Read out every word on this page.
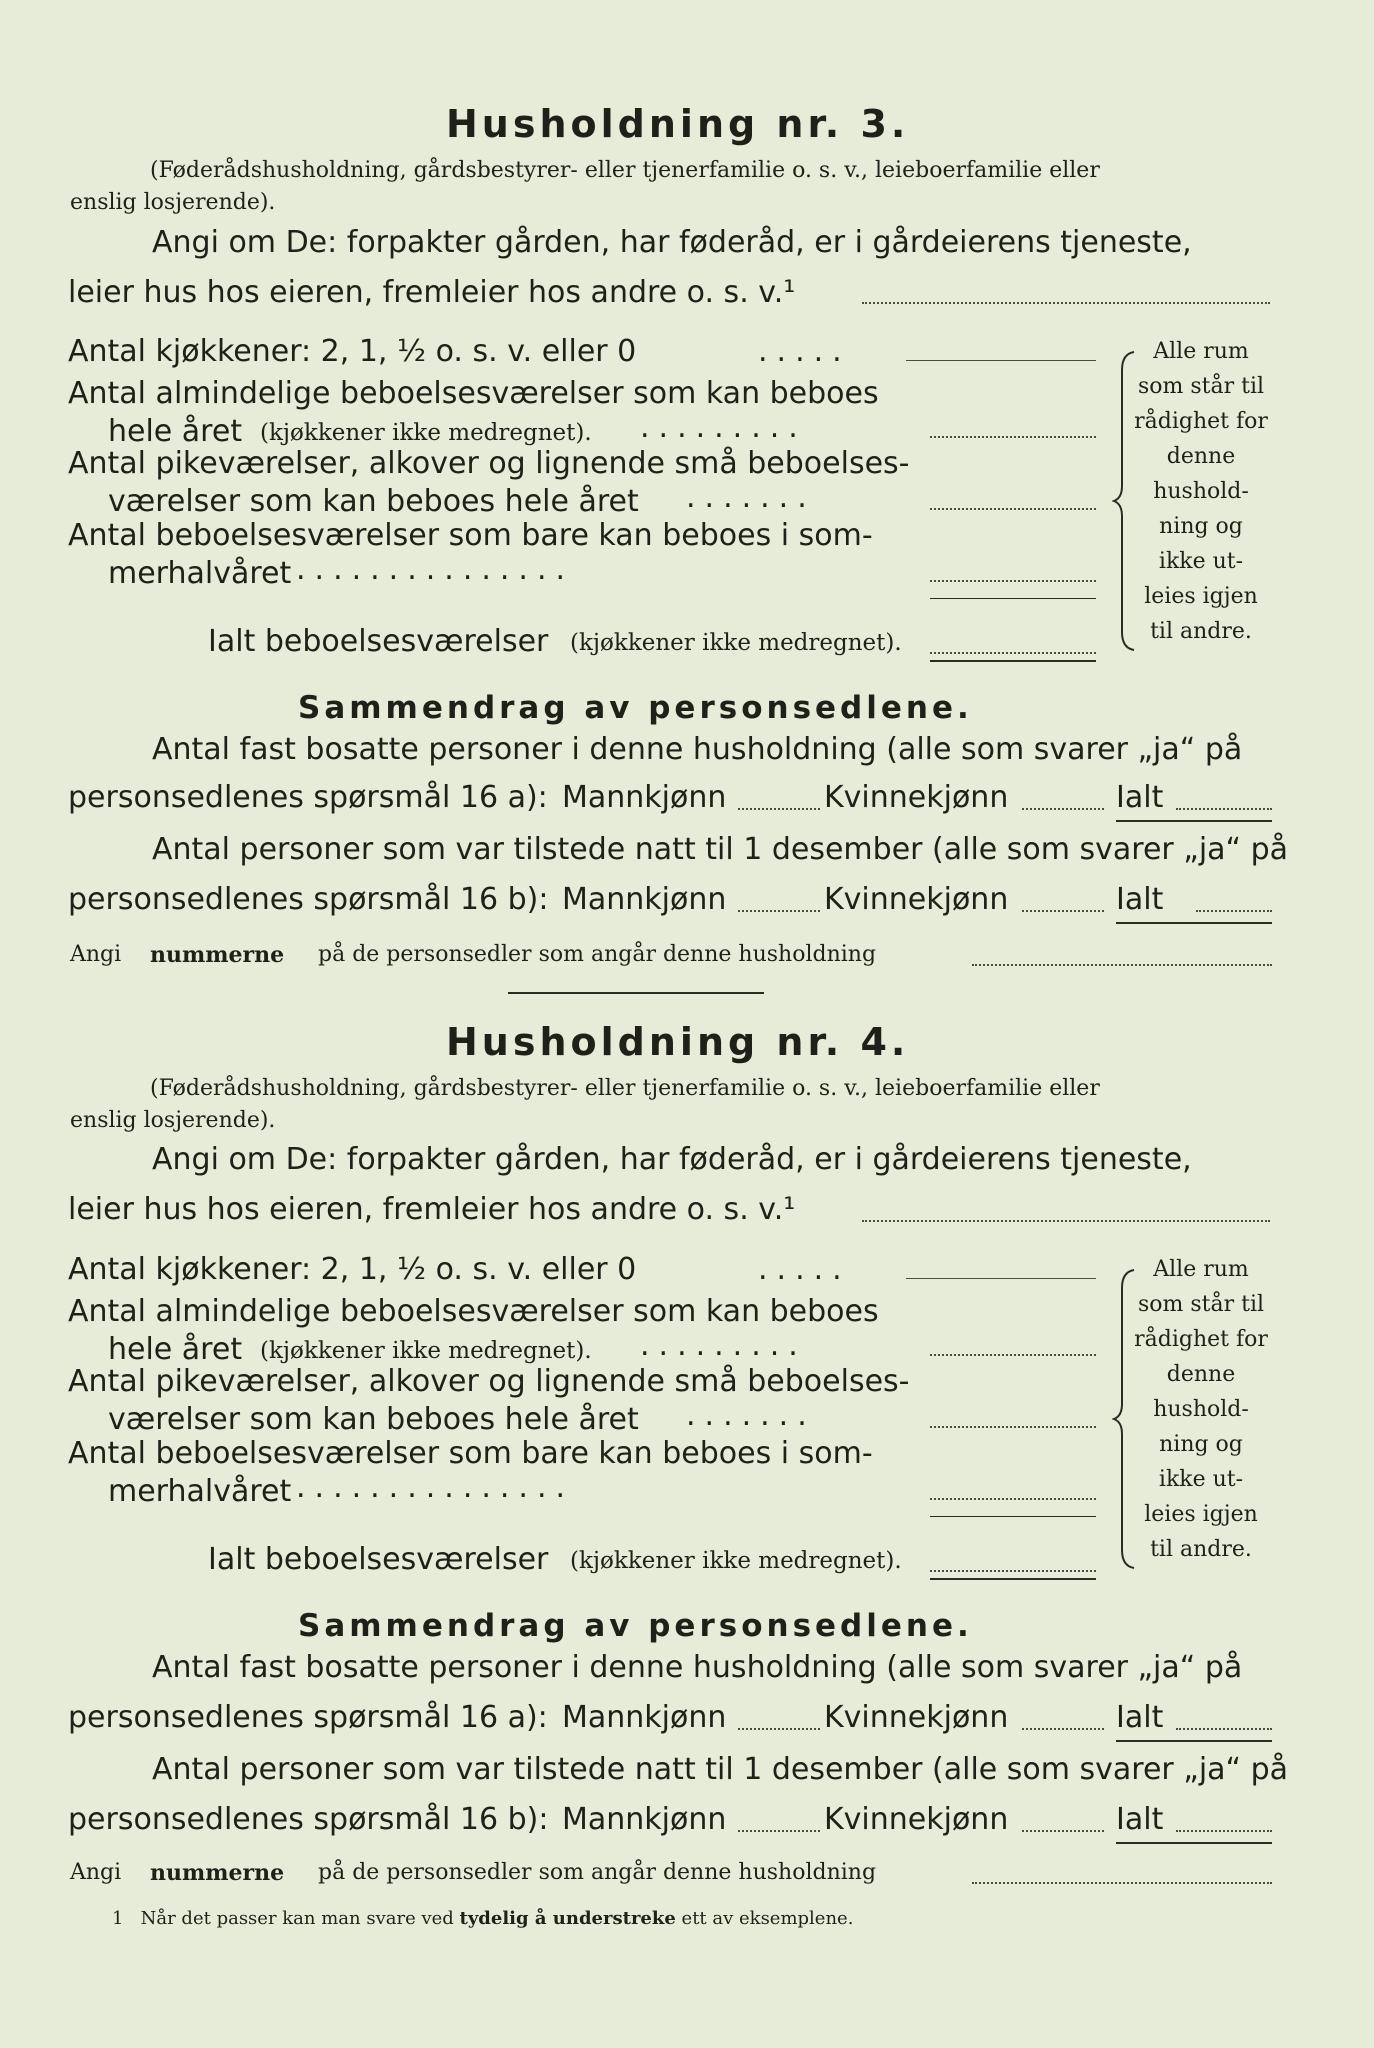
Husholdning nr. 3.
(Føderådshusholdning, gårdsbestyrer- eller tjenerfamilie o. s. v., leieboerfamilie eller
enslig losjerende).
Angi om De: forpakter gården, har føderåd, er i gårdeierens tjeneste,
leier hus hos eieren, fremleier hos andre o. s. v.¹
Antal kjøkkener: 2, 1, ½ o. s. v. eller 0	.....
Antal almindelige beboelsesværelser som kan beboes
hele året (kjøkkener ikke medregnet). .........
Antal pikeværelser, alkover og lignende små beboelses-
værelser som kan beboes hele året .......
Antal beboelsesværelser som bare kan beboes i som-
merhalvåret ...............
Ialt beboelsesværelser (kjøkkener ikke medregnet).
Alle rum som står til rådighet for denne hushold- ning og ikke ut- leies igjen til andre.
Sammendrag av personsedlene.
Antal fast bosatte personer i denne husholdning (alle som svarer „ja“ på
personsedlenes spørsmål 16 a): Mannkjønn	Kvinnekjønn	Ialt
Antal personer som var tilstede natt til 1 desember (alle som svarer „ja“ på
personsedlenes spørsmål 16 b): Mannkjønn	Kvinnekjønn	Ialt
Angi nummerne på de personsedler som angår denne husholdning
Husholdning nr. 4.
(Føderådshusholdning, gårdsbestyrer- eller tjenerfamilie o. s. v., leieboerfamilie eller
enslig losjerende).
Angi om De: forpakter gården, har føderåd, er i gårdeierens tjeneste,
leier hus hos eieren, fremleier hos andre o. s. v.¹
Antal kjøkkener: 2, 1, ½ o. s. v. eller 0	.....
Antal almindelige beboelsesværelser som kan beboes
hele året (kjøkkener ikke medregnet). .........
Antal pikeværelser, alkover og lignende små beboelses-
værelser som kan beboes hele året .......
Antal beboelsesværelser som bare kan beboes i som-
merhalvåret ...............
Ialt beboelsesværelser (kjøkkener ikke medregnet).
Alle rum som står til rådighet for denne hushold- ning og ikke ut- leies igjen til andre.
Sammendrag av personsedlene.
Antal fast bosatte personer i denne husholdning (alle som svarer „ja“ på
personsedlenes spørsmål 16 a): Mannkjønn	Kvinnekjønn	Ialt
Antal personer som var tilstede natt til 1 desember (alle som svarer „ja“ på
personsedlenes spørsmål 16 b): Mannkjønn	Kvinnekjønn	Ialt
Angi nummerne på de personsedler som angår denne husholdning
1 Når det passer kan man svare ved tydelig å understreke ett av eksemplene.
